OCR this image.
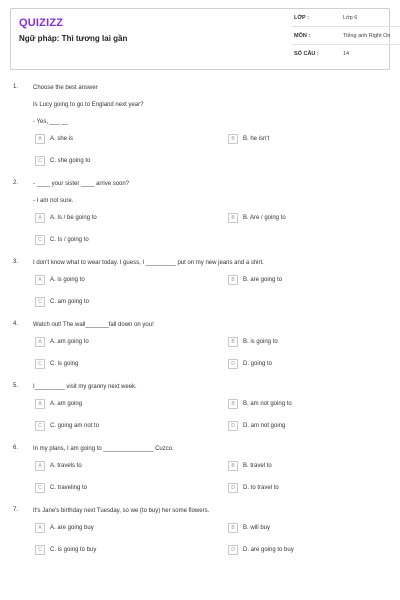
QUIZIZZ
Ngữ pháp: Thì tương lai gần
LỚP :	Lớp 6
MÔN :	Tiếng anh Right On
SỐ CÂU :	14
1. Choose the best answer
Is Lucy going to go to England next year?
- Yes, ___ __
A A. she is	B B. he isn't
C C. she going to
2. - ____ your sister ____ arrive soon?
- I am not sure.
A A. Is / be going to	B B. Are / going to
C C. Is / going to
3. I don't know what to wear today. I guess, I _________ put on my new jeans and a shirt.
A A. is going to	B B. are going to
C C. am going to
4. Watch out! The wall_______fall down on you!
A A. am going to	B B. is going to
C C. is going	D D. going to
5. I_________ visit my granny next week.
A A. am going	B B. am not going to
C C. going am not to	D D. am not going
6. In my plans, I am going to _______________ Cuzco.
A A. travels to	B B. travel to
C C. traveling to	D D. to travel to
7. It's Jane's birthday next Tuesday, so we (to buy) her some flowers.
A A. are going buy	B B. will buy
C C. is going to buy	D D. are going to buy
